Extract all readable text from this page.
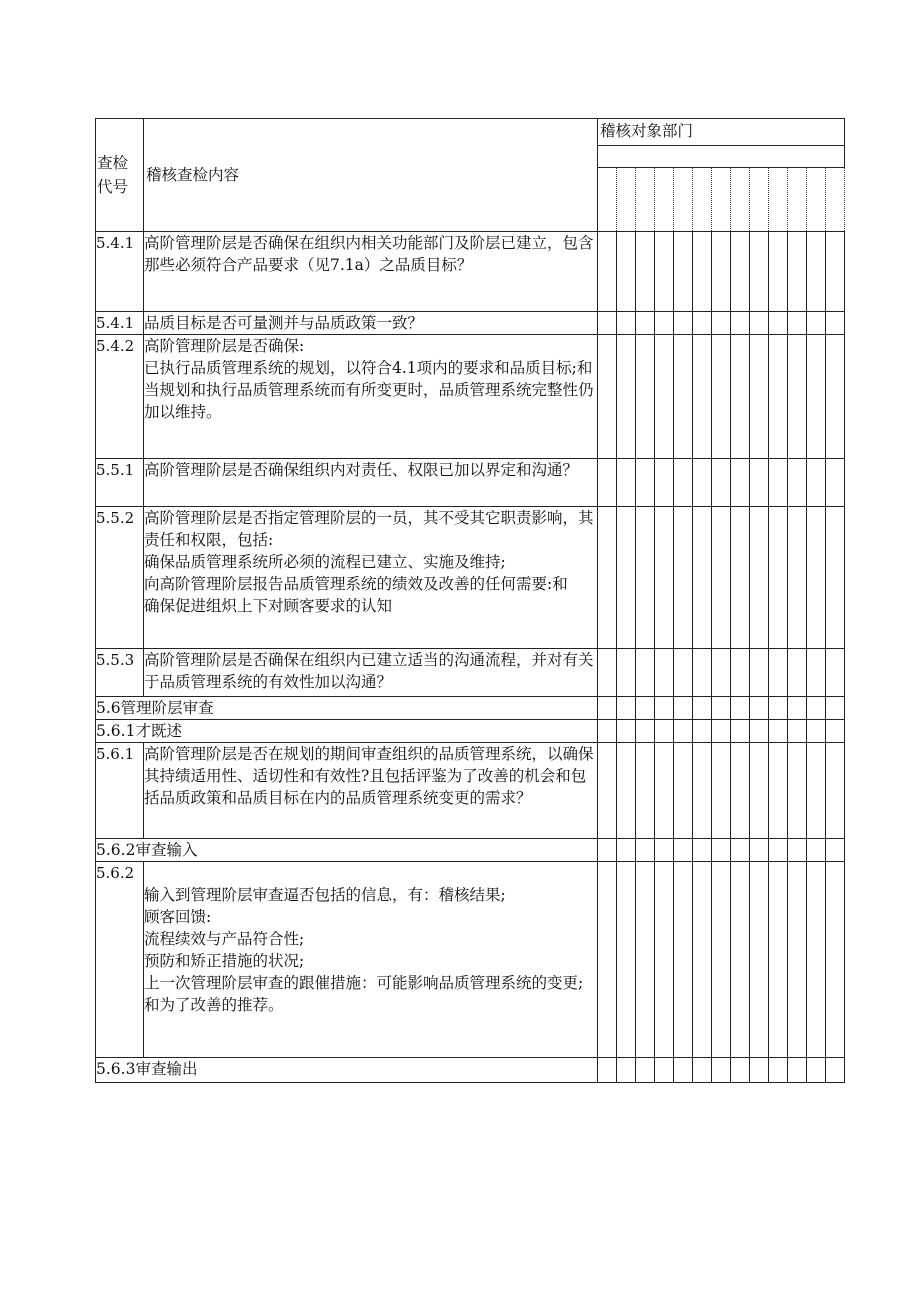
查检
代号	稽核查检内容	稽核对象部门												

5.4.1	高阶管理阶层是否确保在组织内相关功能部门及阶层已建立，包含那些必须符合产品要求（见7.1a）之品质目标？													

5.4.1	品质目标是否可量测并与品质政策一致？													

5.4.2	高阶管理阶层是否确保:
已执行品质管理系统的规划，以符合4.1项内的要求和品质目标;和
当规划和执行品质管理系统而有所变更时，品质管理系统完整性仍加以维持。													

5.5.1	高阶管理阶层是否确保组织内对责任、权限已加以界定和沟通？													

5.5.2	高阶管理阶层是否指定管理阶层的一员，其不受其它职责影响，其责任和权限，包括:
确保品质管理系统所必须的流程已建立、实施及维持;
向高阶管理阶层报告品质管理系统的绩效及改善的任何需要:和
确保促进组炽上下对顾客要求的认知													

5.5.3	高阶管理阶层是否确保在组织内已建立适当的沟通流程，并对有关于品质管理系统的有效性加以沟通？													

5.6管理阶层审查														
5.6.1才既述														
5.6.1	高阶管理阶层是否在规划的期间审查组织的品质管理系统，以确保其持绩适用性、适切性和有效性?且包括评鉴为了改善的机会和包括品质政策和品质目标在内的品质管理系统变更的需求？													

5.6.2审查输入														
5.6.2	输入到管理阶层审查逼否包括的信息，有：稽核结果;
顾客回馈:
流程续效与产品符合性;
预防和矫正措施的状况;
上一次管理阶层审查的跟催措施：可能影响品质管理系统的变更;和为了改善的推荐。													

5.6.3审查输出														
